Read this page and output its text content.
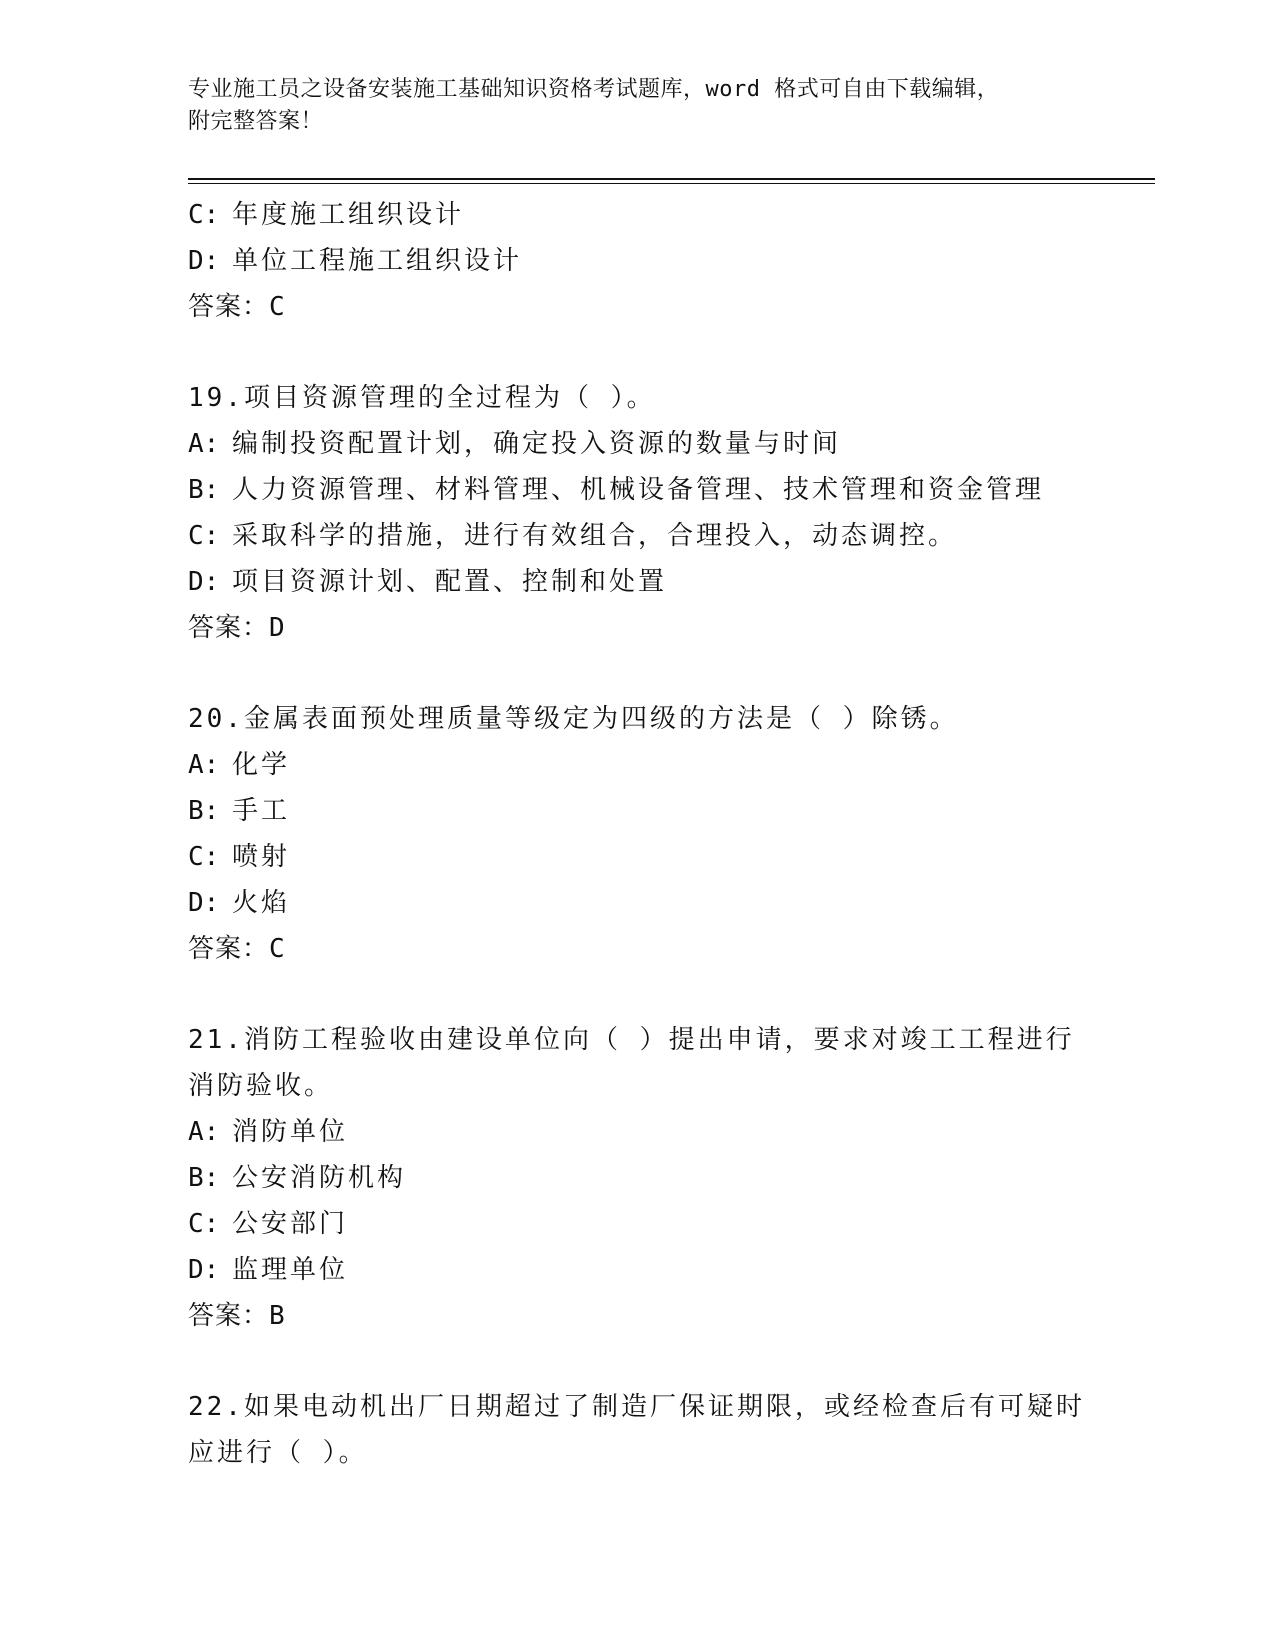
专业施工员之设备安装施工基础知识资格考试题库，word 格式可自由下载编辑，
附完整答案！
C: 年度施工组织设计
D: 单位工程施工组织设计
答案：C
19.项目资源管理的全过程为（ ）。
A: 编制投资配置计划，确定投入资源的数量与时间
B: 人力资源管理、材料管理、机械设备管理、技术管理和资金管理
C: 采取科学的措施，进行有效组合，合理投入，动态调控。
D: 项目资源计划、配置、控制和处置
答案：D
20.金属表面预处理质量等级定为四级的方法是（ ）除锈。
A: 化学
B: 手工
C: 喷射
D: 火焰
答案：C
21.消防工程验收由建设单位向（ ）提出申请，要求对竣工工程进行
消防验收。
A: 消防单位
B: 公安消防机构
C: 公安部门
D: 监理单位
答案：B
22.如果电动机出厂日期超过了制造厂保证期限，或经检查后有可疑时
应进行（ ）。
